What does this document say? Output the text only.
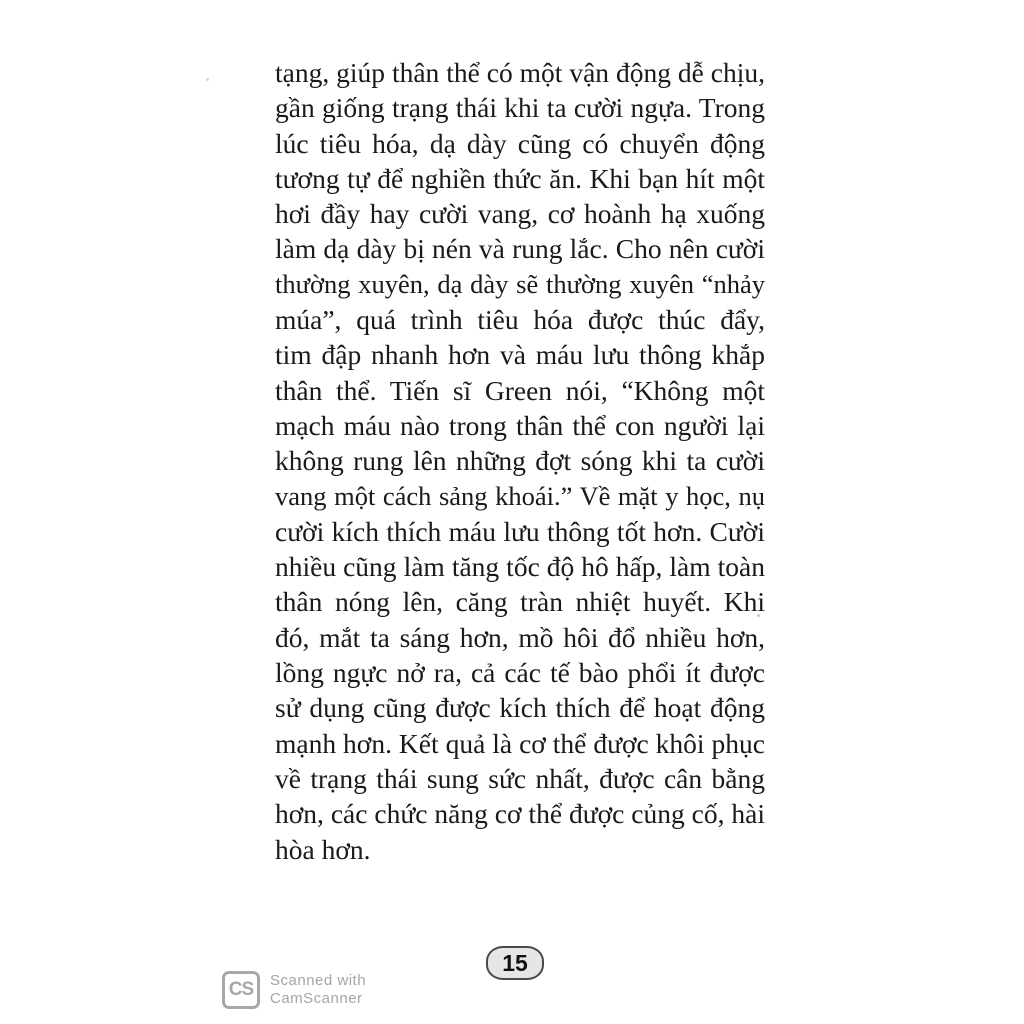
tạng, giúp thân thể có một vận động dễ chịu,
gần giống trạng thái khi ta cười ngựa. Trong
lúc tiêu hóa, dạ dày cũng có chuyển động
tương tự để nghiền thức ăn. Khi bạn hít một
hơi đầy hay cười vang, cơ hoành hạ xuống
làm dạ dày bị nén và rung lắc. Cho nên cười
thường xuyên, dạ dày sẽ thường xuyên “nhảy
múa”, quá trình tiêu hóa được thúc đẩy,
tim đập nhanh hơn và máu lưu thông khắp
thân thể. Tiến sĩ Green nói, “Không một
mạch máu nào trong thân thể con người lại
không rung lên những đợt sóng khi ta cười
vang một cách sảng khoái.” Về mặt y học, nụ
cười kích thích máu lưu thông tốt hơn. Cười
nhiều cũng làm tăng tốc độ hô hấp, làm toàn
thân nóng lên, căng tràn nhiệt huyết. Khi
đó, mắt ta sáng hơn, mồ hôi đổ nhiều hơn,
lồng ngực nở ra, cả các tế bào phổi ít được
sử dụng cũng được kích thích để hoạt động
mạnh hơn. Kết quả là cơ thể được khôi phục
về trạng thái sung sức nhất, được cân bằng
hơn, các chức năng cơ thể được củng cố, hài
hòa hơn.
15
CS Scanned with
CamScanner
